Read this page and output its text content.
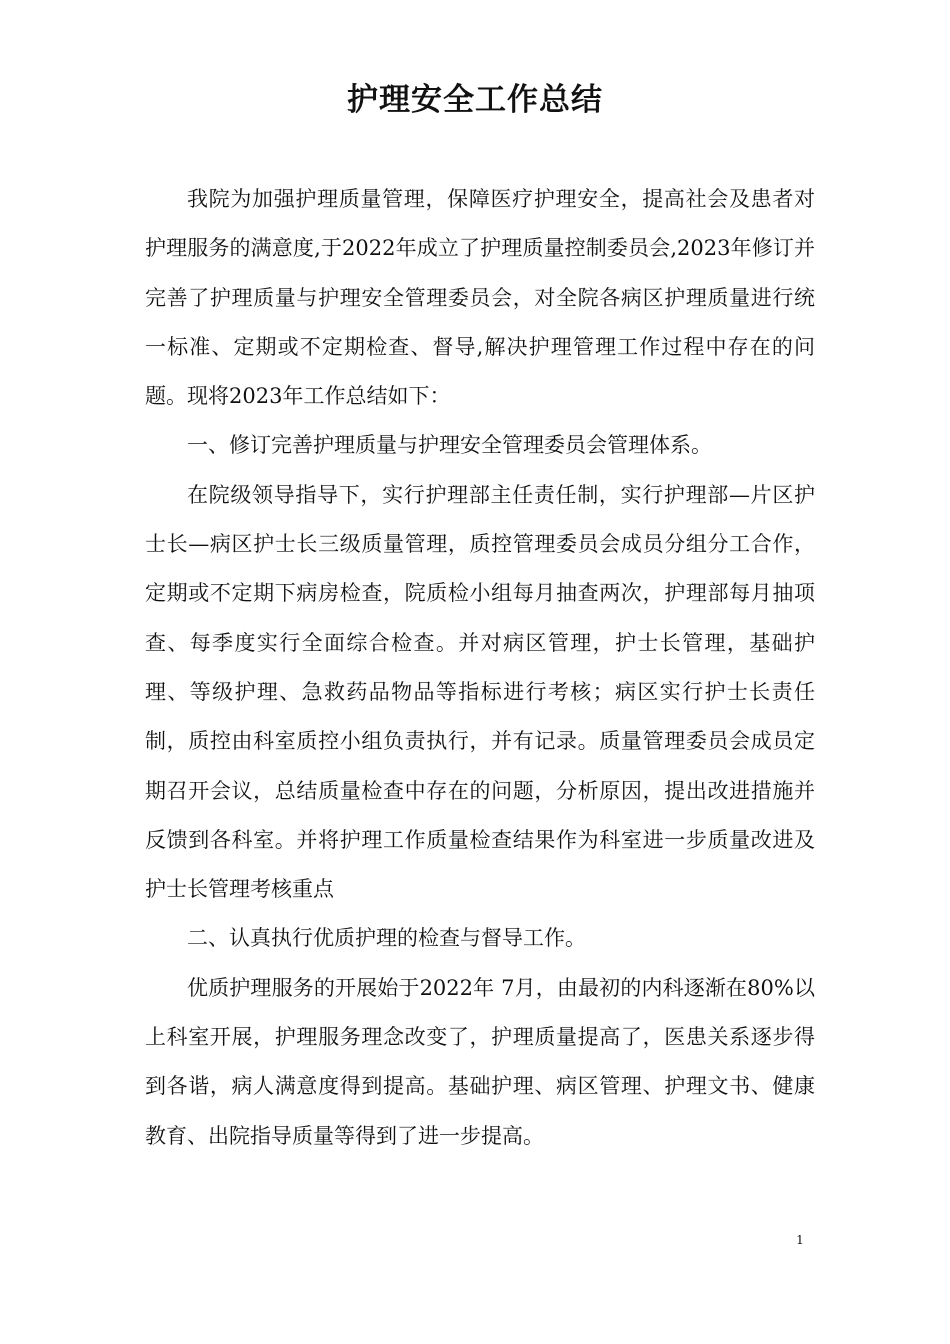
护理安全工作总结

我院为加强护理质量管理，保障医疗护理安全，提高社会及患者对护理服务的满意度,于2022年成立了护理质量控制委员会,2023年修订并完善了护理质量与护理安全管理委员会，对全院各病区护理质量进行统一标准、定期或不定期检查、督导,解决护理管理工作过程中存在的问题。现将2023年工作总结如下：

一、修订完善护理质量与护理安全管理委员会管理体系。

在院级领导指导下，实行护理部主任责任制，实行护理部—片区护士长—病区护士长三级质量管理，质控管理委员会成员分组分工合作，定期或不定期下病房检查，院质检小组每月抽查两次，护理部每月抽项查、每季度实行全面综合检查。并对病区管理，护士长管理，基础护理、等级护理、急救药品物品等指标进行考核；病区实行护士长责任制，质控由科室质控小组负责执行，并有记录。质量管理委员会成员定期召开会议，总结质量检查中存在的问题，分析原因，提出改进措施并反馈到各科室。并将护理工作质量检查结果作为科室进一步质量改进及护士长管理考核重点

二、认真执行优质护理的检查与督导工作。

优质护理服务的开展始于2022年 7月，由最初的内科逐渐在80%以上科室开展，护理服务理念改变了，护理质量提高了，医患关系逐步得到各谐，病人满意度得到提高。基础护理、病区管理、护理文书、健康教育、出院指导质量等得到了进一步提高。

1
